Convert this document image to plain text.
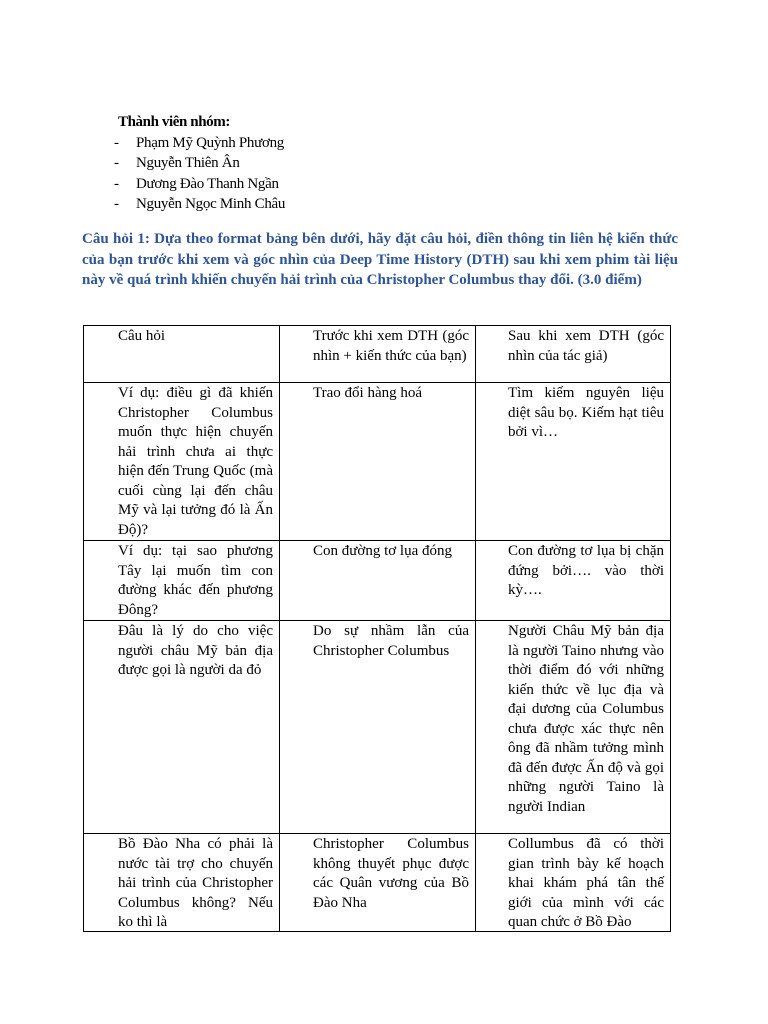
Thành viên nhóm:
- Phạm Mỹ Quỳnh Phương
- Nguyễn Thiên Ân
- Dương Đào Thanh Ngần
- Nguyễn Ngọc Minh Châu
Câu hỏi 1: Dựa theo format bảng bên dưới, hãy đặt câu hỏi, điền thông tin liên hệ kiến thức của bạn trước khi xem và góc nhìn của Deep Time History (DTH) sau khi xem phim tài liệu này về quá trình khiến chuyến hải trình của Christopher Columbus thay đổi. (3.0 điểm)
Câu hỏi	Trước khi xem DTH (góc nhìn + kiến thức của bạn)	Sau khi xem DTH (góc nhìn của tác giả)

Ví dụ: điều gì đã khiến Christopher Columbus muốn thực hiện chuyến hải trình chưa ai thực hiện đến Trung Quốc (mà cuối cùng lại đến châu Mỹ và lại tưởng đó là Ấn Độ)?	Trao đổi hàng hoá	Tìm kiếm nguyên liệu diệt sâu bọ. Kiếm hạt tiêu bởi vì…

Ví dụ: tại sao phương Tây lại muốn tìm con đường khác đến phương Đông?	Con đường tơ lụa đóng	Con đường tơ lụa bị chặn đứng bởi…. vào thời kỳ….

Đâu là lý do cho việc người châu Mỹ bản địa được gọi là người da đỏ	Do sự nhầm lẫn của Christopher Columbus	Người Châu Mỹ bản địa là người Taino nhưng vào thời điểm đó với những kiến thức về lục địa và đại dương của Columbus chưa được xác thực nên ông đã nhầm tưởng mình đã đến được Ấn độ và gọi những người Taino là người Indian

Bồ Đào Nha có phải là nước tài trợ cho chuyến hải trình của Christopher Columbus không? Nếu ko thì là	Christopher Columbus không thuyết phục được các Quân vương của Bồ Đào Nha	Collumbus đã có thời gian trình bày kế hoạch khai khám phá tân thế giới của mình với các quan chức ở Bồ Đào
